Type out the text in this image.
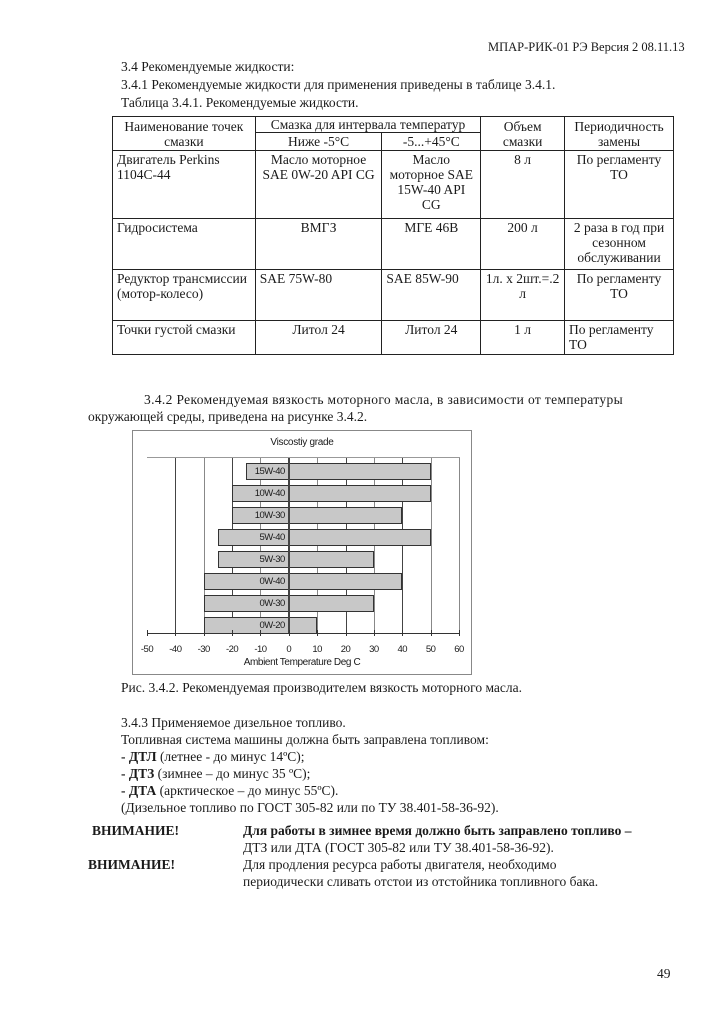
МПАР-РИК-01 РЭ Версия 2 08.11.13
3.4 Рекомендуемые жидкости:
3.4.1 Рекомендуемые жидкости для применения приведены в таблице 3.4.1.
Таблица 3.4.1. Рекомендуемые жидкости.
Наименование точек смазки	Смазка для интервала температур		Объем смазки	Периодичность замены
	Ниже -5°С	-5...+45°С		
Двигатель Perkins 1104С-44	Масло моторное SAE 0W-20 API CG	Масло моторное SAE 15W-40 API CG	8 л	По регламенту ТО
Гидросистема	ВМГЗ	МГЕ 46В	200 л	2 раза в год при сезонном обслуживании
Редуктор трансмиссии (мотор-колесо)	SAE 75W-80	SAE 85W-90	1л. x 2шт.=.2 л	По регламенту ТО
Точки густой смазки	Литол 24	Литол 24	1 л	По регламенту ТО
3.4.2 Рекомендуемая вязкость моторного масла, в зависимости от температуры
окружающей среды, приведена на рисунке 3.4.2.
Viscostiy grade
15W-40
10W-40
10W-30
5W-40
5W-30
0W-40
0W-30
0W-20
-50 -40 -30 -20 -10 0 10 20 30 40 50 60
Ambient Temperature Deg C
Рис. 3.4.2. Рекомендуемая производителем вязкость моторного масла.
3.4.3 Применяемое дизельное топливо.
Топливная система машины должна быть заправлена топливом:
- ДТЛ (летнее - до минус 14ºС);
- ДТЗ (зимнее – до минус 35 ºС);
- ДТА (арктическое – до минус 55ºС).
(Дизельное топливо по ГОСТ 305-82 или по ТУ 38.401-58-36-92).
ВНИМАНИЕ!	Для работы в зимнее время должно быть заправлено топливо –
ДТЗ или ДТА (ГОСТ 305-82 или ТУ 38.401-58-36-92).
ВНИМАНИЕ!	Для продления ресурса работы двигателя, необходимо
периодически сливать отстои из отстойника топливного бака.
49
